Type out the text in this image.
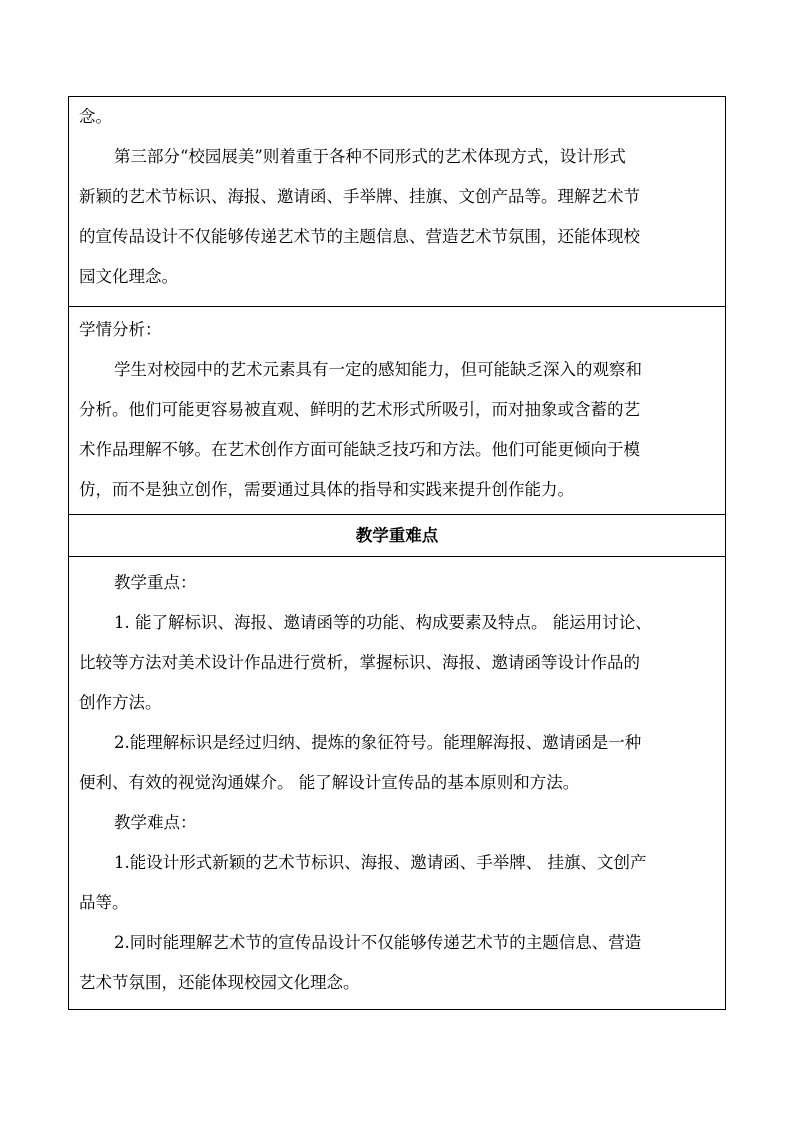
念。
第三部分“校园展美”则着重于各种不同形式的艺术体现方式，设计形式
新颖的艺术节标识、海报、邀请函、手举牌、挂旗、文创产品等。理解艺术节
的宣传品设计不仅能够传递艺术节的主题信息、营造艺术节氛围，还能体现校
园文化理念。
学情分析：
学生对校园中的艺术元素具有一定的感知能力，但可能缺乏深入的观察和
分析。他们可能更容易被直观、鲜明的艺术形式所吸引，而对抽象或含蓄的艺
术作品理解不够。在艺术创作方面可能缺乏技巧和方法。他们可能更倾向于模
仿，而不是独立创作，需要通过具体的指导和实践来提升创作能力。
教学重难点
教学重点：
1. 能了解标识、海报、邀请函等的功能、构成要素及特点。 能运用讨论、
比较等方法对美术设计作品进行赏析，掌握标识、海报、邀请函等设计作品的
创作方法。
2.能理解标识是经过归纳、提炼的象征符号。能理解海报、邀请函是一种
便利、有效的视觉沟通媒介。 能了解设计宣传品的基本原则和方法。
教学难点：
1.能设计形式新颖的艺术节标识、海报、邀请函、手举牌、 挂旗、文创产
品等。
2.同时能理解艺术节的宣传品设计不仅能够传递艺术节的主题信息、营造
艺术节氛围，还能体现校园文化理念。
